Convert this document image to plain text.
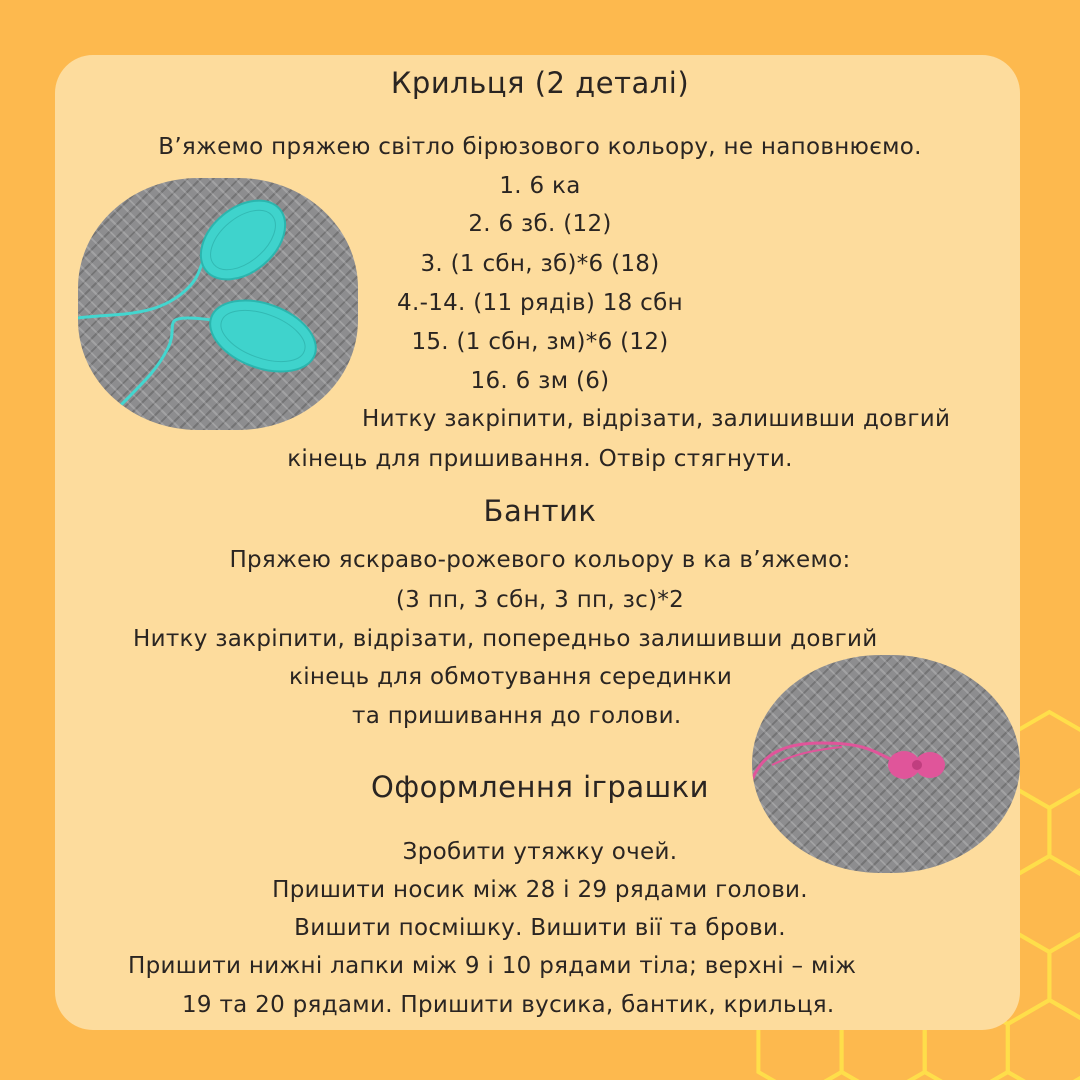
Крильця (2 деталі)
В’яжемо пряжею світло бірюзового кольору, не наповнюємо.
1. 6 ка
2. 6 зб. (12)
3. (1 сбн, зб)*6 (18)
4.-14. (11 рядів) 18 сбн
15. (1 сбн, зм)*6 (12)
16. 6 зм (6)
Нитку закріпити, відрізати, залишивши довгий
кінець для пришивання. Отвір стягнути.
Бантик
Пряжею яскраво-рожевого кольору в ка в’яжемо:
(3 пп, 3 сбн, 3 пп, зс)*2
Нитку закріпити, відрізати, попередньо залишивши довгий
кінець для обмотування серединки
та пришивання до голови.
Оформлення іграшки
Зробити утяжку очей.
Пришити носик між 28 і 29 рядами голови.
Вишити посмішку. Вишити вії та брови.
Пришити нижні лапки між 9 і 10 рядами тіла; верхні – між
19 та 20 рядами. Пришити вусика, бантик, крильця.
